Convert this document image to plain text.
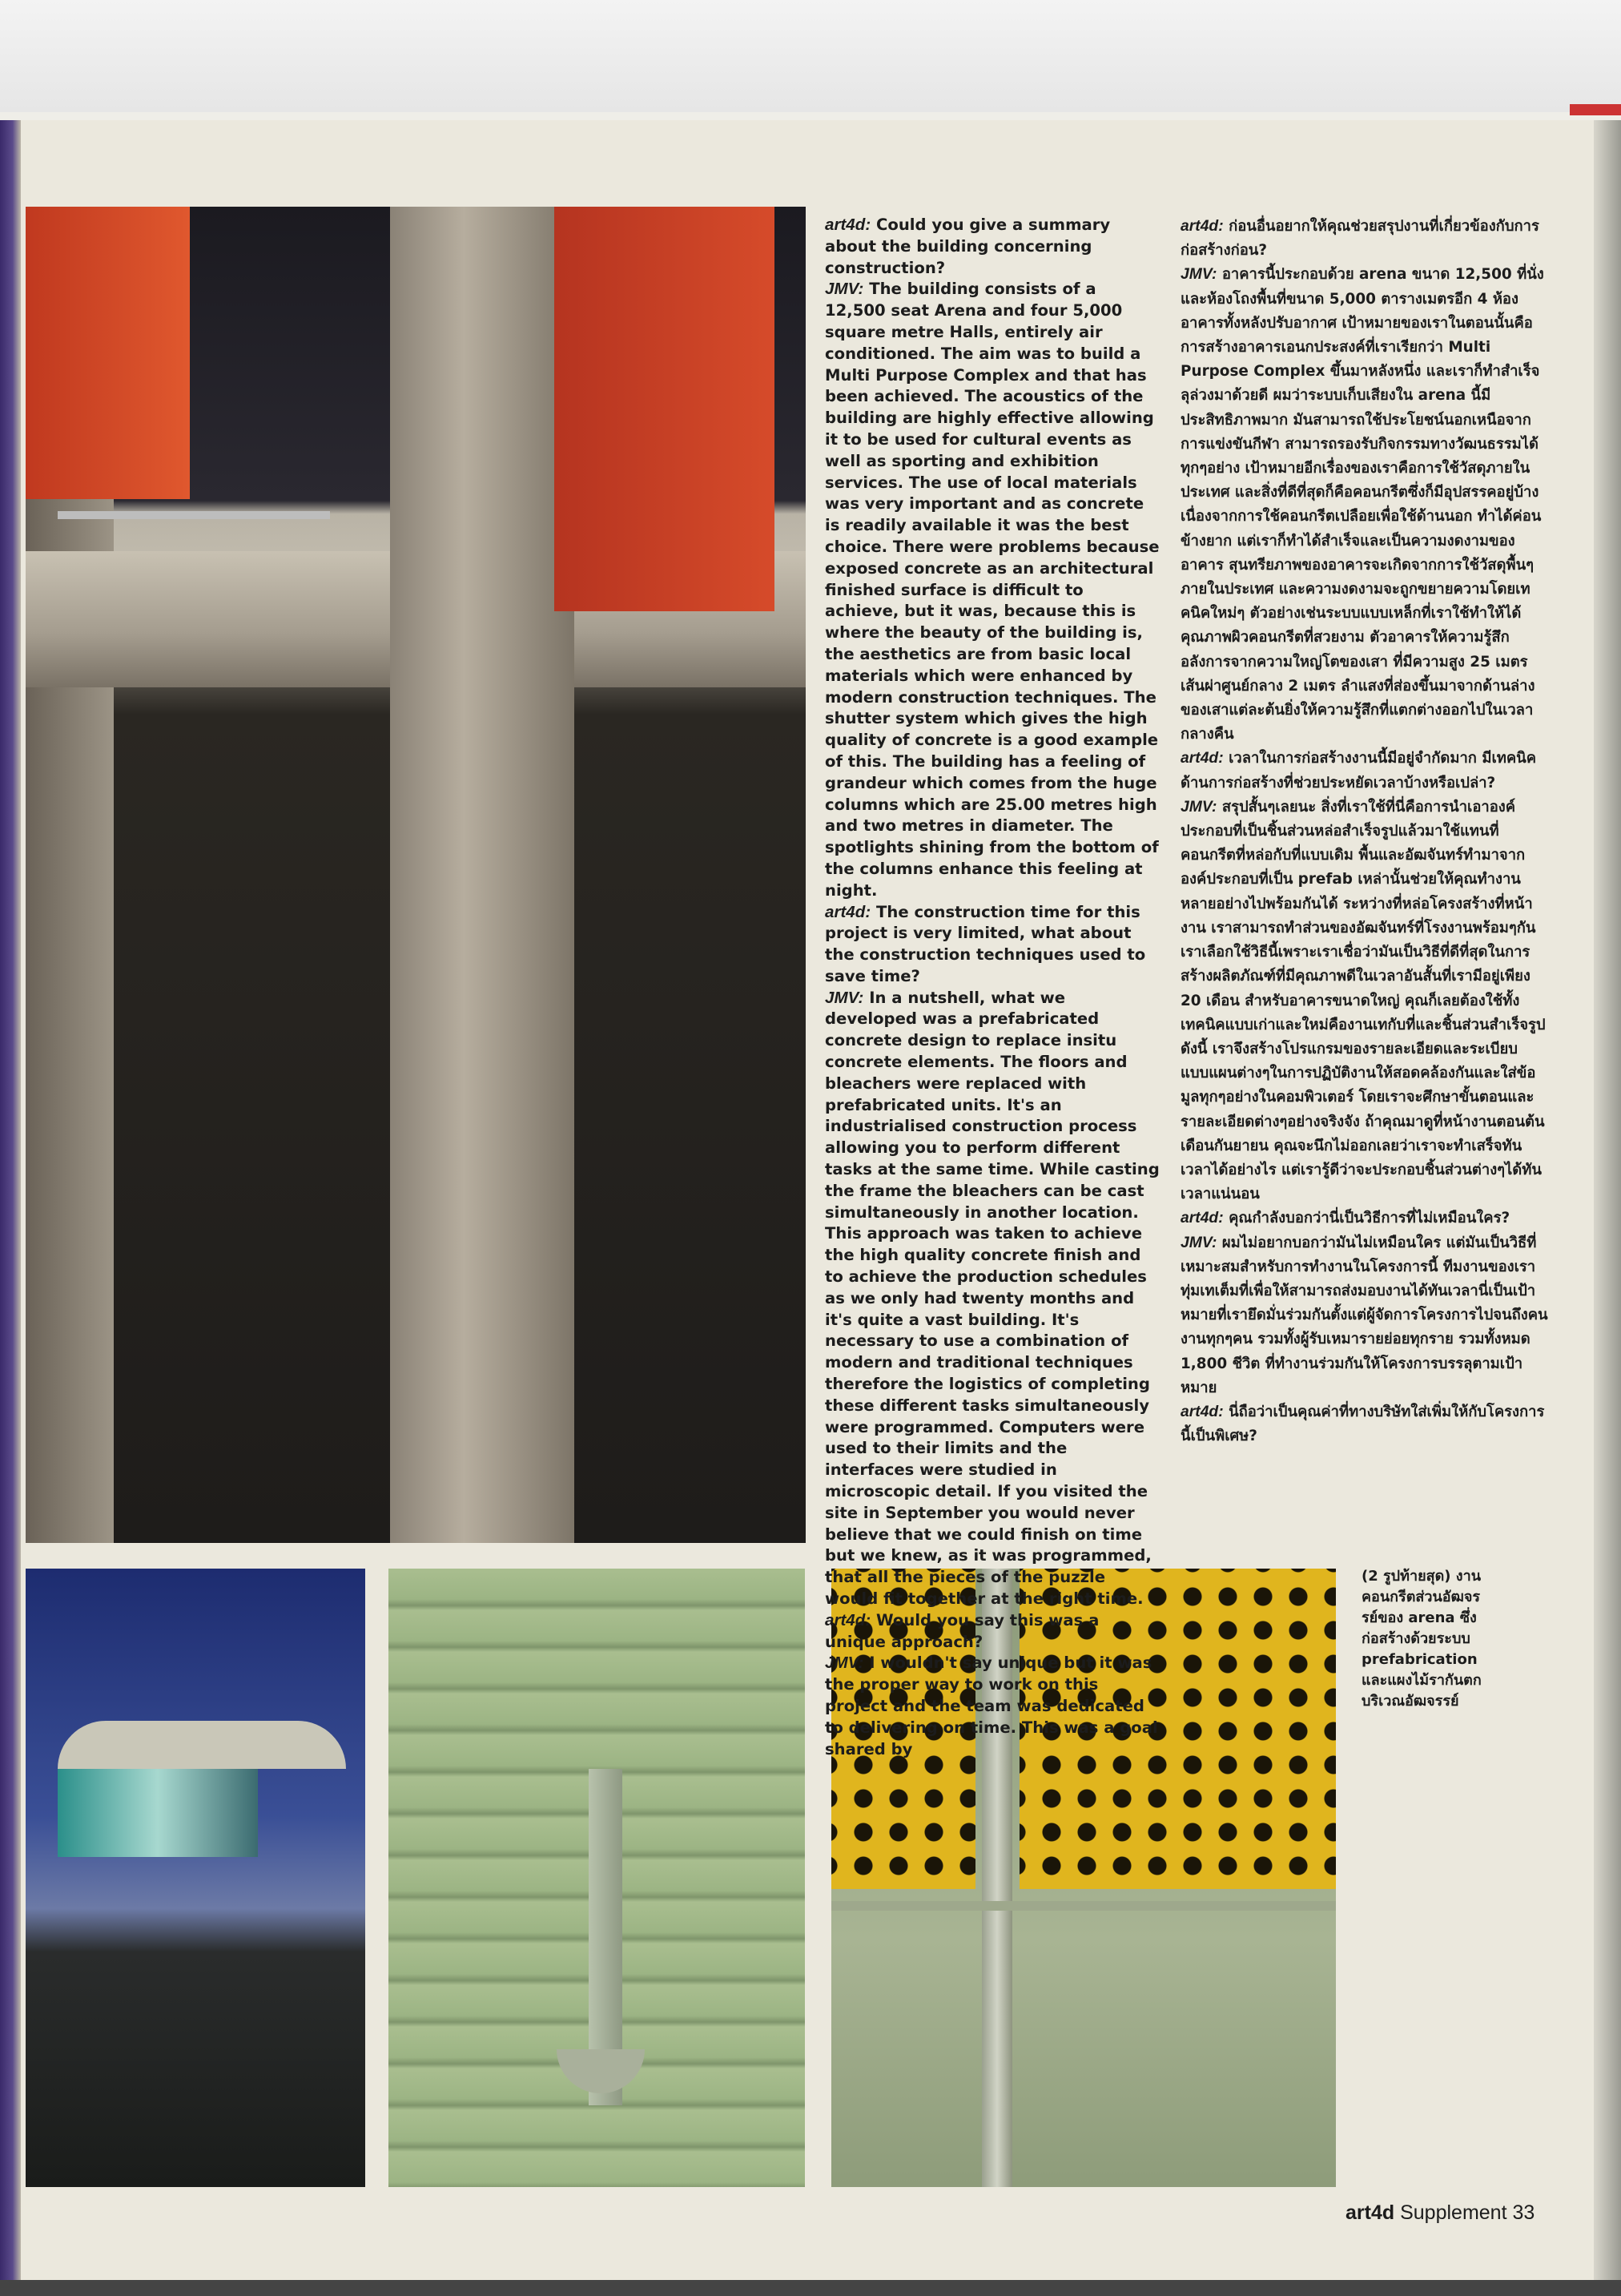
art4d: Could you give a summary about the building concerning construction?

JMV: The building consists of a 12,500 seat Arena and four 5,000 square metre Halls, entirely air conditioned. The aim was to build a Multi Purpose Complex and that has been achieved. The acoustics of the building are highly effective allowing it to be used for cultural events as well as sporting and exhibition services. The use of local materials was very important and as concrete is readily available it was the best choice. There were problems because exposed concrete as an architectural finished surface is difficult to achieve, but it was, because this is where the beauty of the building is, the aesthetics are from basic local materials which were enhanced by modern construction techniques. The shutter system which gives the high quality of concrete is a good example of this. The building has a feeling of grandeur which comes from the huge columns which are 25.00 metres high and two metres in diameter. The spotlights shining from the bottom of the columns enhance this feeling at night.

art4d: The construction time for this project is very limited, what about the construction techniques used to save time?

JMV: In a nutshell, what we developed was a prefabricated concrete design to replace insitu concrete elements. The floors and bleachers were replaced with prefabricated units. It's an industrialised construction process allowing you to perform different tasks at the same time. While casting the frame the bleachers can be cast simultaneously in another location. This approach was taken to achieve the high quality concrete finish and to achieve the production schedules as we only had twenty months and it's quite a vast building. It's necessary to use a combination of modern and traditional techniques therefore the logistics of completing these different tasks simultaneously were programmed. Computers were used to their limits and the interfaces were studied in microscopic detail. If you visited the site in September you would never believe that we could finish on time but we knew, as it was programmed, that all the pieces of the puzzle would fit together at the right time.

art4d: Would you say this was a unique approach?

JMV: I wouldn't say unique but it was the proper way to work on this project and the team was dedicated to delivering on time. This was a goal shared by

art4d: ก่อนอื่นอยากให้คุณช่วยสรุปงานที่เกี่ยวข้องกับการก่อสร้างก่อน?

JMV: อาคารนี้ประกอบด้วย arena ขนาด 12,500 ที่นั่ง และห้องโถงพื้นที่ขนาด 5,000 ตารางเมตรอีก 4 ห้อง อาคารทั้งหลังปรับอากาศ เป้าหมายของเราในตอนนั้นคือการสร้างอาคารเอนกประสงค์ที่เราเรียกว่า Multi Purpose Complex ขึ้นมาหลังหนึ่ง และเราก็ทำสำเร็จลุล่วงมาด้วยดี ผมว่าระบบเก็บเสียงใน arena นี้มีประสิทธิภาพมาก มันสามารถใช้ประโยชน์นอกเหนือจากการแข่งขันกีฬา สามารถรองรับกิจกรรมทางวัฒนธรรมได้ทุกๆอย่าง เป้าหมายอีกเรื่องของเราคือการใช้วัสดุภายในประเทศ และสิ่งที่ดีที่สุดก็คือคอนกรีตซึ่งก็มีอุปสรรคอยู่บ้างเนื่องจากการใช้คอนกรีตเปลือยเพื่อใช้ด้านนอก ทำได้ค่อนข้างยาก แต่เราก็ทำได้สำเร็จและเป็นความงดงามของอาคาร สุนทรียภาพของอาคารจะเกิดจากการใช้วัสดุพื้นๆภายในประเทศ และความงดงามจะถูกขยายความโดยเทคนิคใหม่ๆ ตัวอย่างเช่นระบบแบบเหล็กที่เราใช้ทำให้ได้คุณภาพผิวคอนกรีตที่สวยงาม ตัวอาคารให้ความรู้สึกอลังการจากความใหญ่โตของเสา ที่มีความสูง 25 เมตร เส้นผ่าศูนย์กลาง 2 เมตร ลำแสงที่ส่องขึ้นมาจากด้านล่างของเสาแต่ละต้นยิ่งให้ความรู้สึกที่แตกต่างออกไปในเวลากลางคืน

art4d: เวลาในการก่อสร้างงานนี้มีอยู่จำกัดมาก มีเทคนิคด้านการก่อสร้างที่ช่วยประหยัดเวลาบ้างหรือเปล่า?

JMV: สรุปสั้นๆเลยนะ สิ่งที่เราใช้ที่นี่คือการนำเอาองค์ประกอบที่เป็นชิ้นส่วนหล่อสำเร็จรูปแล้วมาใช้แทนที่คอนกรีตที่หล่อกับที่แบบเดิม พื้นและอัฒจันทร์ทำมาจากองค์ประกอบที่เป็น prefab เหล่านั้นช่วยให้คุณทำงานหลายอย่างไปพร้อมกันได้ ระหว่างที่หล่อโครงสร้างที่หน้างาน เราสามารถทำส่วนของอัฒจันทร์ที่โรงงานพร้อมๆกัน เราเลือกใช้วิธีนี้เพราะเราเชื่อว่ามันเป็นวิธีที่ดีที่สุดในการสร้างผลิตภัณฑ์ที่มีคุณภาพดีในเวลาอันสั้นที่เรามีอยู่เพียง 20 เดือน สำหรับอาคารขนาดใหญ่ คุณก็เลยต้องใช้ทั้งเทคนิคแบบเก่าและใหม่คืองานเทกับที่และชิ้นส่วนสำเร็จรูป ดังนี้ เราจึงสร้างโปรแกรมของรายละเอียดและระเบียบแบบแผนต่างๆในการปฏิบัติงานให้สอดคล้องกันและใส่ข้อมูลทุกๆอย่างในคอมพิวเตอร์ โดยเราจะศึกษาขั้นตอนและรายละเอียดต่างๆอย่างจริงจัง ถ้าคุณมาดูที่หน้างานตอนต้นเดือนกันยายน คุณจะนึกไม่ออกเลยว่าเราจะทำเสร็จทันเวลาได้อย่างไร แต่เรารู้ดีว่าจะประกอบชิ้นส่วนต่างๆได้ทันเวลาแน่นอน

art4d: คุณกำลังบอกว่านี่เป็นวิธีการที่ไม่เหมือนใคร?

JMV: ผมไม่อยากบอกว่ามันไม่เหมือนใคร แต่มันเป็นวิธีที่เหมาะสมสำหรับการทำงานในโครงการนี้ ทีมงานของเราทุ่มเทเต็มที่เพื่อให้สามารถส่งมอบงานได้ทันเวลานี่เป็นเป้าหมายที่เรายึดมั่นร่วมกันตั้งแต่ผู้จัดการโครงการไปจนถึงคนงานทุกๆคน รวมทั้งผู้รับเหมารายย่อยทุกราย รวมทั้งหมด 1,800 ชีวิต ที่ทำงานร่วมกันให้โครงการบรรลุตามเป้าหมาย

art4d: นี่ถือว่าเป็นคุณค่าที่ทางบริษัทใส่เพิ่มให้กับโครงการนี้เป็นพิเศษ?

(2 รูปท้ายสุด) งานคอนกรีตส่วนอัฒจรรย์ของ arena ซึ่งก่อสร้างด้วยระบบ prefabrication และแผงไม้รากันตกบริเวณอัฒจรรย์
art4d Supplement 33
